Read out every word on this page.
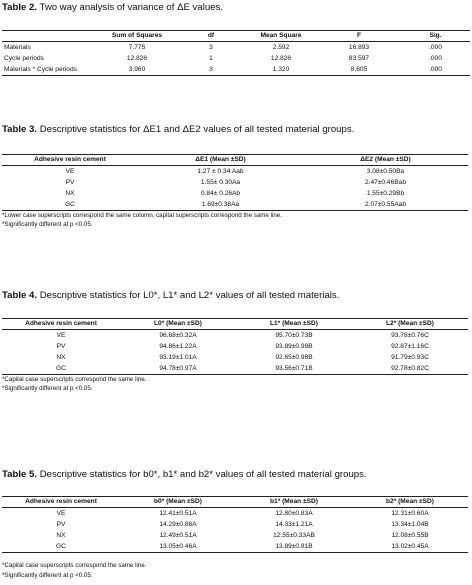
Table 2. Two way analysis of variance of ΔE values.
	Sum of Squares	df	Mean Square	F	Sig.
Materials	7.775	3	2.592	16.893	.000
Cycle periods	12.826	1	12.826	83.597	.000
Materials * Cycle periods	3.960	3	1.320	8.605	.000
Table 3. Descriptive statistics for ΔE1 and ΔE2 values of all tested material groups.
Adhesive resin cement	ΔE1 (Mean ±SD)	ΔE2 (Mean ±SD)
VE	1.27 ± 0.34 Aab	3.08±0.50Ba
PV	1.55± 0.30Aa	2.47±0.46Bab
NX	0.84± 0.26Ab	1.55±0.29Bb
GC	1.69±0.38Aa	2.07±0.55Aab
*Lower case superscripts correspond the same column, capital superscripts correspond the same line.
*Significantly different at p <0.05.
Table 4. Descriptive statistics for L0*, L1* and L2* values of all tested materials.
Adhesive resin cement	L0* (Mean ±SD)	L1* (Mean ±SD)	L2* (Mean ±SD)
VE	96.68±0.32A	95.70±0.73B	93.78±0.76C
PV	94.86±1.22A	93.89±0.99B	92.87±1.16C
NX	93.19±1.01A	92.65±0.98B	91.79±0.93C
GC	94.78±0.97A	93.56±0.71B	92.78±0.82C
*Capital case superscripts correspond the same line.
*Significantly different at p <0.05.
Table 5. Descriptive statistics for b0*, b1* and b2* values of all tested material groups.
Adhesive resin cement	b0* (Mean ±SD)	b1* (Mean ±SD)	b2* (Mean ±SD)
VE	12.41±0.51A	12.80±0.83A	12.31±0.60A
PV	14.29±0.86A	14.33±1.21A	13.34±1.04B
NX	12.49±0.51A	12.55±0.33AB	12.08±0.55B
GC	13.05±0.46A	13.89±0.81B	13.02±0.45A
*Capital case superscripts correspond the same line.
*Significantly different at p <0.05.
